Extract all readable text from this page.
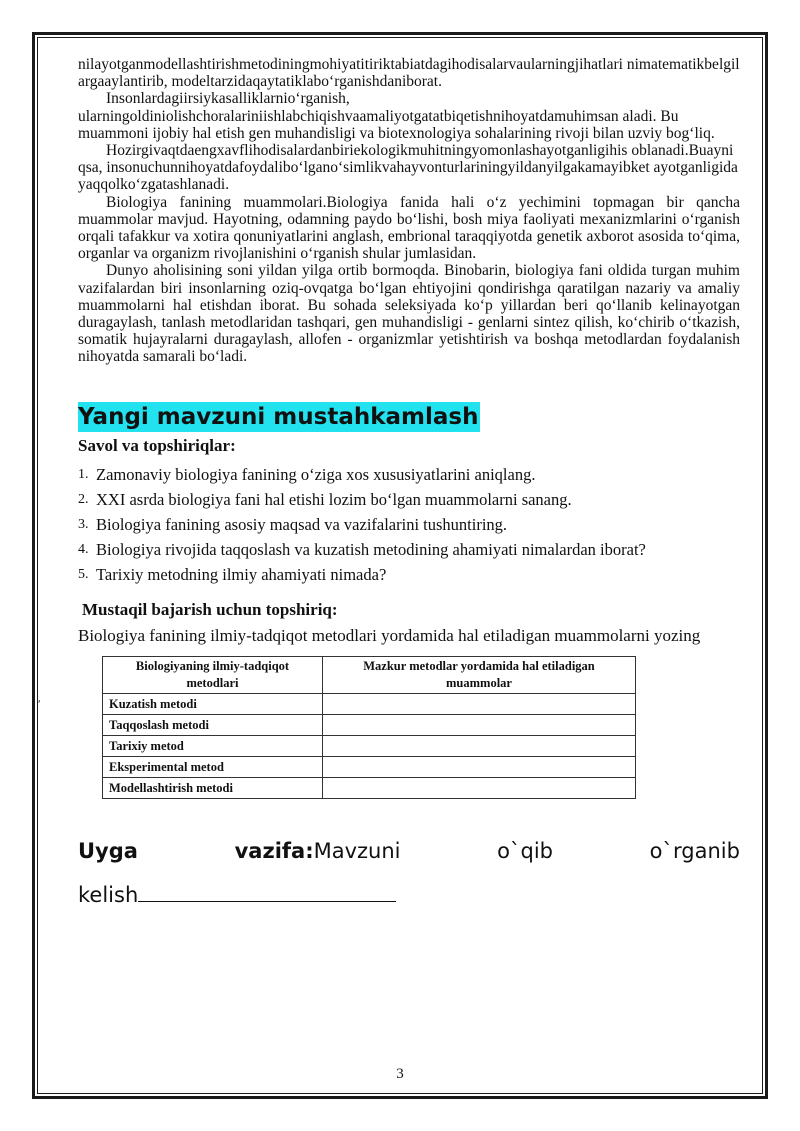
ʹ

nilayotganmodellashtirishmetodiningmohiyatitiriktabiatdagihodisalarvaularningjihatlari nimatematikbelgilargaaylantirib, modeltarzidaqaytatiklabo‘rganishdaniborat.

Insonlardagiirsiykasalliklarnio‘rganish, ularningoldiniolishchoralariniishlabchiqishvaamaliyotgatatbiqetishnihoyatdamuhimsan aladi. Bu muammoni ijobiy hal etish gen muhandisligi va biotexnologiya sohalarining rivoji bilan uzviy bog‘liq.

Hozirgivaqtdaengxavflihodisalardanbiriekologikmuhitningyomonlashayotganligihis oblanadi.Buayniqsa, insonuchunnihoyatdafoydalibo‘lgano‘simlikvahayvonturlariningyildanyilgakamayibket ayotganligidayaqqolko‘zgatashlanadi.

Biologiya fanining muammolari.Biologiya fanida hali o‘z yechimini topmagan bir qancha muammolar mavjud. Hayotning, odamning paydo bo‘lishi, bosh miya faoliyati mexanizmlarini o‘rganish orqali tafakkur va xotira qonuniyatlarini anglash, embrional taraqqiyotda genetik axborot asosida to‘qima, organlar va organizm rivojlanishini o‘rganish shular jumlasidan.

Dunyo aholisining soni yildan yilga ortib bormoqda. Binobarin, biologiya fani oldida turgan muhim vazifalardan biri insonlarning oziq-ovqatga bo‘lgan ehtiyojini qondirishga qaratilgan nazariy va amaliy muammolarni hal etishdan iborat. Bu sohada seleksiyada ko‘p yillardan beri qo‘llanib kelinayotgan duragaylash, tanlash metodlaridan tashqari, gen muhandisligi - genlarni sintez qilish, ko‘chirib o‘tkazish, somatik hujayralarni duragaylash, allofen - organizmlar yetishtirish va boshqa metodlardan foydalanish nihoyatda samarali bo‘ladi.

Yangi mavzuni mustahkamlash
Savol va topshiriqlar:
1. Zamonaviy biologiya fanining o‘ziga xos xususiyatlarini aniqlang.
2. XXI asrda biologiya fani hal etishi lozim bo‘lgan muammolarni sanang.
3. Biologiya fanining asosiy maqsad va vazifalarini tushuntiring.
4. Biologiya rivojida taqqoslash va kuzatish metodining ahamiyati nimalardan iborat?
5. Tarixiy metodning ilmiy ahamiyati nimada?
Mustaqil bajarish uchun topshiriq:

Biologiya fanining ilmiy-tadqiqot metodlari yordamida hal etiladigan muammolarni yozing

Biologiyaning ilmiy-tadqiqot metodlari	Mazkur metodlar yordamida hal etiladigan muammolar
Kuzatish metodi	
Taqqoslash metodi	
Tarixiy metod	
Eksperimental metod	
Modellashtirish metodi	
Uyga	vazifa:Mavzuni	o`qib	o`rganib
kelish
3
